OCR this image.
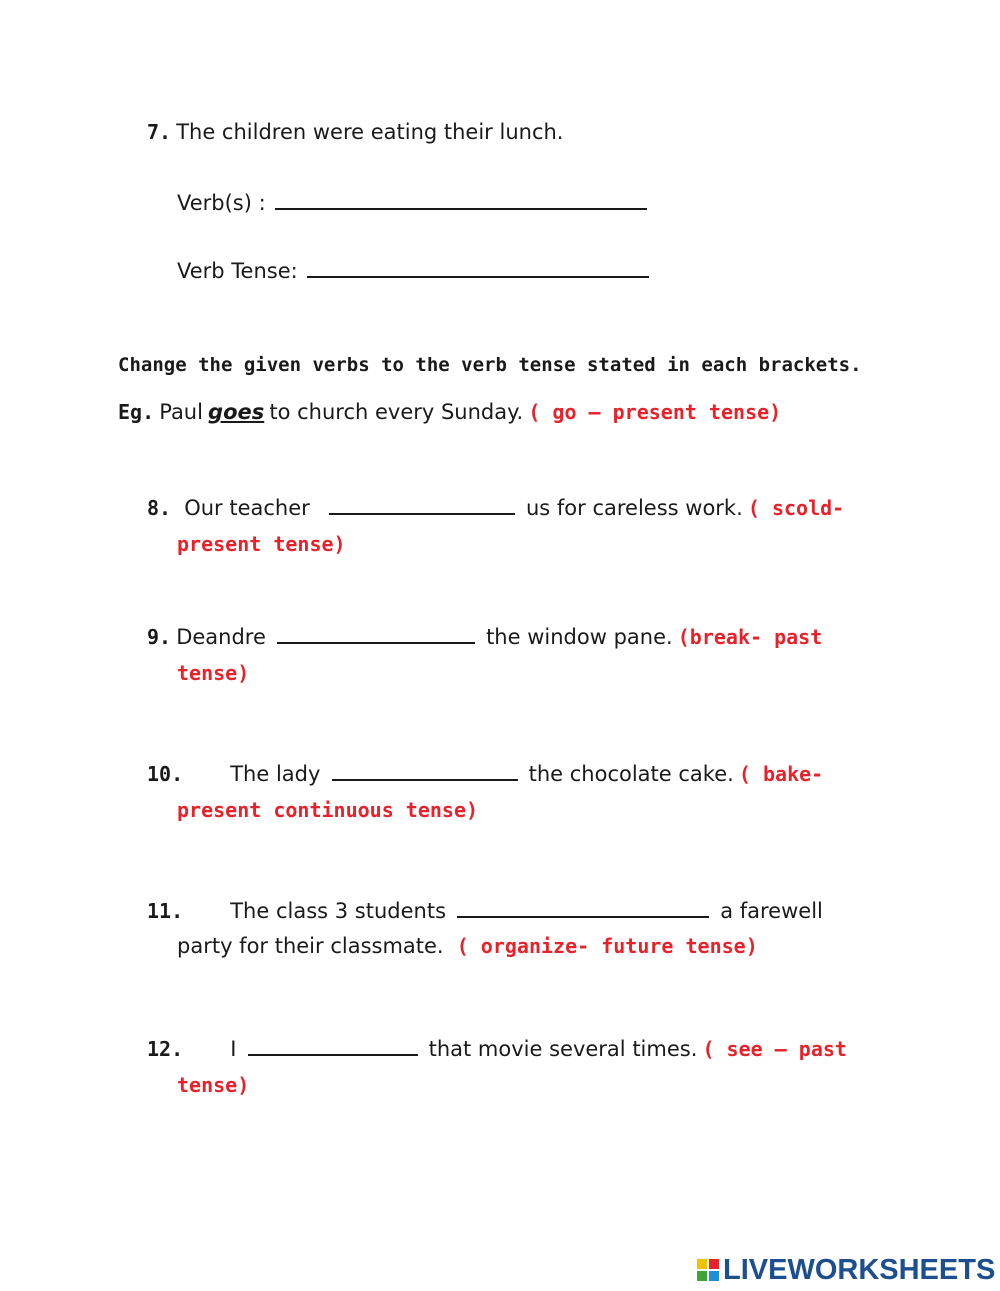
7. The children were eating their lunch.
Verb(s) :
Verb Tense:
Change the given verbs to the verb tense stated in each brackets.
Eg. Paul goes to church every Sunday. ( go – present tense)
8. Our teacher	us for careless work. ( scold-
present tense)
9. Deandre	the window pane. (break- past
tense)
10. The lady	the chocolate cake. ( bake-
present continuous tense)
11. The class 3 students	a farewell
party for their classmate. ( organize- future tense)
12. I	that movie several times. ( see – past
tense)
LIVEWORKSHEETS
